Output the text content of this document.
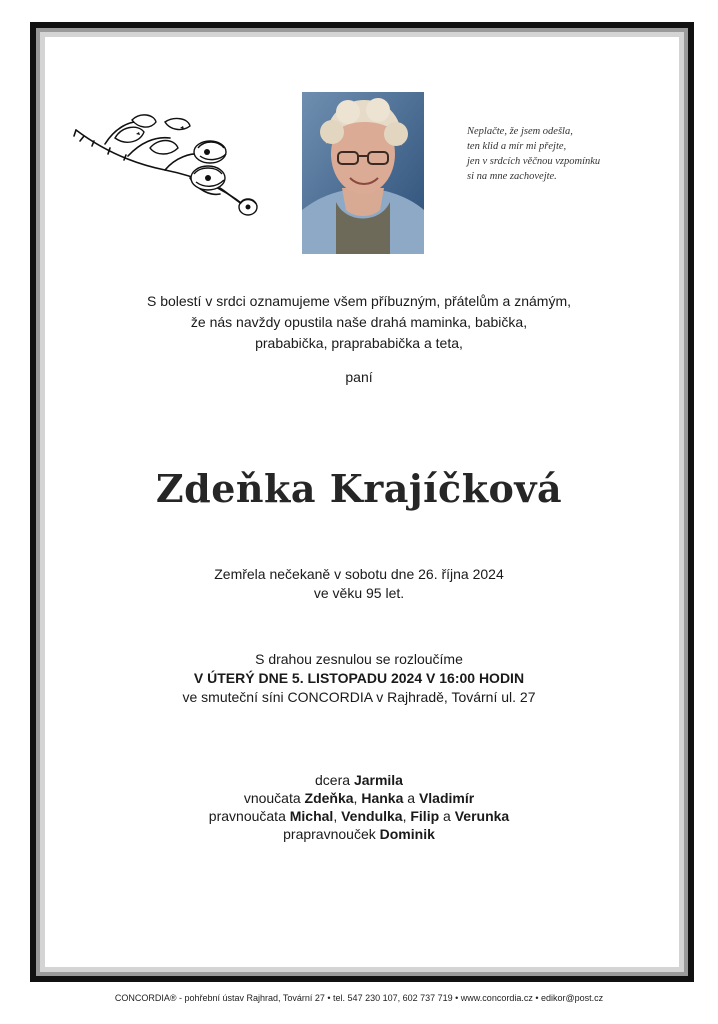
Neplačte, že jsem odešla,
ten klid a mír mi přejte,
jen v srdcích věčnou vzpomínku
si na mne zachovejte.
S bolestí v srdci oznamujeme všem příbuzným, přátelům a známým,
že nás navždy opustila naše drahá maminka, babička,
prababička, praprababička a teta,
paní
Zdeňka Krajíčková
Zemřela nečekaně v sobotu dne 26. října 2024
ve věku 95 let.
S drahou zesnulou se rozloučíme
V ÚTERÝ DNE 5. LISTOPADU 2024 V 16:00 HODIN
ve smuteční síni CONCORDIA v Rajhradě, Tovární ul. 27
dcera Jarmila
vnoučata Zdeňka, Hanka a Vladimír
pravnoučata Michal, Vendulka, Filip a Verunka
prapravnouček Dominik
CONCORDIA® - pohřební ústav Rajhrad, Tovární 27 • tel. 547 230 107, 602 737 719 • www.concordia.cz • edikor@post.cz
